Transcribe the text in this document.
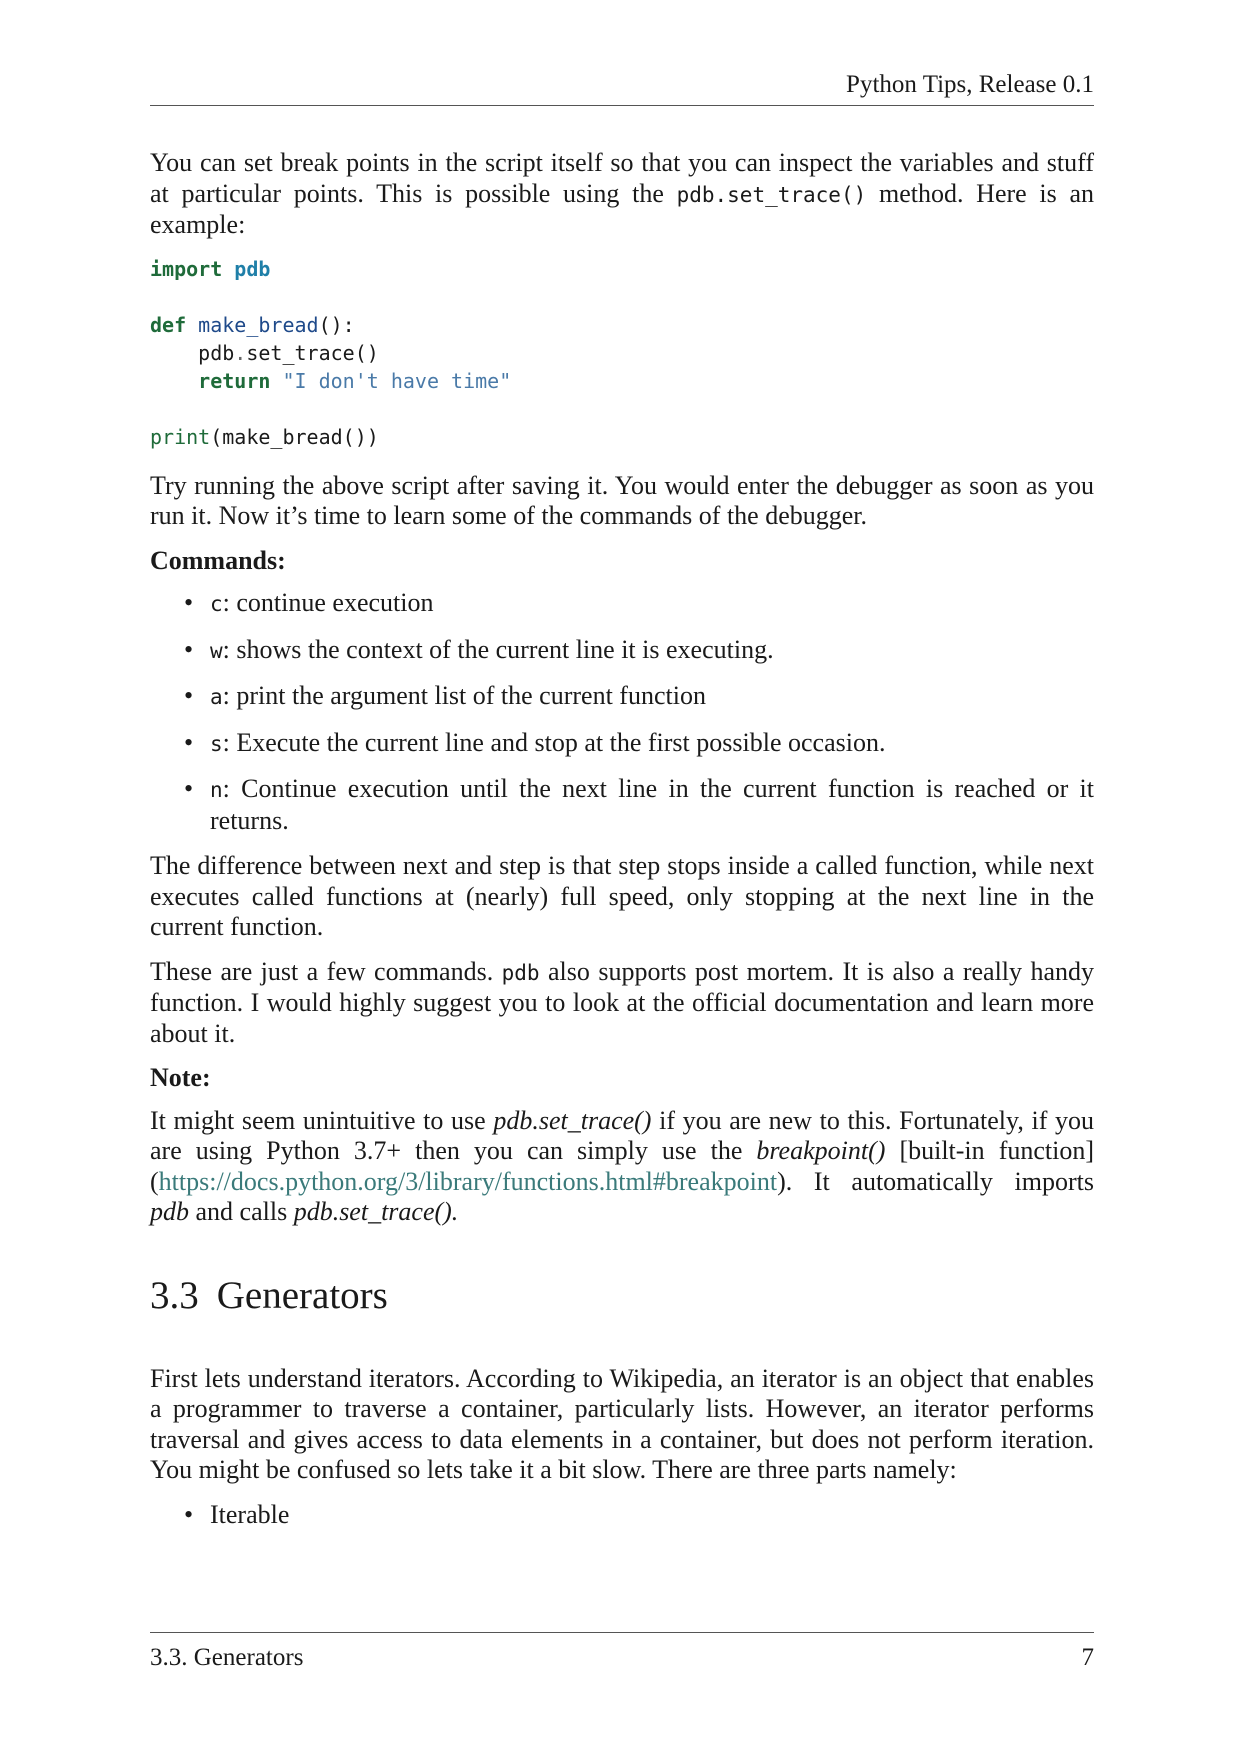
Python Tips, Release 0.1

You can set break points in the script itself so that you can inspect the variables and stuff at particular points. This is possible using the pdb.set_trace() method. Here is an example:

import pdb

def make_bread():
pdb.set_trace()
return "I don't have time"

print(make_bread())

Try running the above script after saving it. You would enter the debugger as soon as you run it. Now it’s time to learn some of the commands of the debugger.

Commands:
• c: continue execution
• w: shows the context of the current line it is executing.
• a: print the argument list of the current function
• s: Execute the current line and stop at the first possible occasion.
• n: Continue execution until the next line in the current function is reached or it returns.

The difference between next and step is that step stops inside a called function, while next executes called functions at (nearly) full speed, only stopping at the next line in the current function.

These are just a few commands. pdb also supports post mortem. It is also a really handy function. I would highly suggest you to look at the official documentation and learn more about it.

Note:

It might seem unintuitive to use pdb.set_trace() if you are new to this. Fortunately, if you are using Python 3.7+ then you can simply use the breakpoint() [built-in function](https://docs.python.org/3/library/functions.html#breakpoint). It automatically imports pdb and calls pdb.set_trace().

3.3 Generators

First lets understand iterators. According to Wikipedia, an iterator is an object that enables a programmer to traverse a container, particularly lists. However, an iterator performs traversal and gives access to data elements in a container, but does not perform iteration. You might be confused so lets take it a bit slow. There are three parts namely:

• Iterable
3.3. Generators	7
